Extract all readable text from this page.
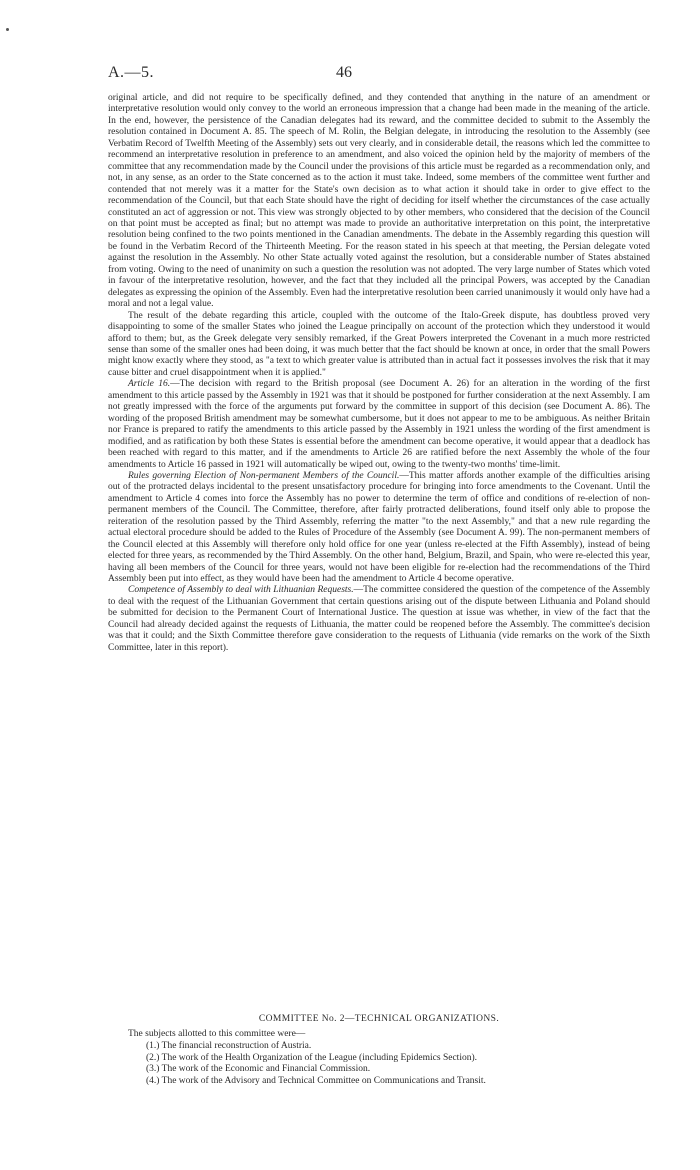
A.—5.	46

original article, and did not require to be specifically defined, and they contended that anything in the nature of an amendment or interpretative resolution would only convey to the world an erroneous impression that a change had been made in the meaning of the article. In the end, however, the persistence of the Canadian delegates had its reward, and the committee decided to submit to the Assembly the resolution contained in Document A. 85. The speech of M. Rolin, the Belgian delegate, in introducing the resolution to the Assembly (see Verbatim Record of Twelfth Meeting of the Assembly) sets out very clearly, and in considerable detail, the reasons which led the committee to recommend an interpretative resolution in preference to an amendment, and also voiced the opinion held by the majority of members of the committee that any recommendation made by the Council under the provisions of this article must be regarded as a recommendation only, and not, in any sense, as an order to the State concerned as to the action it must take. Indeed, some members of the committee went further and contended that not merely was it a matter for the State's own decision as to what action it should take in order to give effect to the recommendation of the Council, but that each State should have the right of deciding for itself whether the circumstances of the case actually constituted an act of aggression or not. This view was strongly objected to by other members, who considered that the decision of the Council on that point must be accepted as final; but no attempt was made to provide an authoritative interpretation on this point, the interpretative resolution being confined to the two points mentioned in the Canadian amendments. The debate in the Assembly regarding this question will be found in the Verbatim Record of the Thirteenth Meeting. For the reason stated in his speech at that meeting, the Persian delegate voted against the resolution in the Assembly. No other State actually voted against the resolution, but a considerable number of States abstained from voting. Owing to the need of unanimity on such a question the resolution was not adopted. The very large number of States which voted in favour of the interpretative resolution, however, and the fact that they included all the principal Powers, was accepted by the Canadian delegates as expressing the opinion of the Assembly. Even had the interpretative resolution been carried unanimously it would only have had a moral and not a legal value.

The result of the debate regarding this article, coupled with the outcome of the Italo-Greek dispute, has doubtless proved very disappointing to some of the smaller States who joined the League principally on account of the protection which they understood it would afford to them; but, as the Greek delegate very sensibly remarked, if the Great Powers interpreted the Covenant in a much more restricted sense than some of the smaller ones had been doing, it was much better that the fact should be known at once, in order that the small Powers might know exactly where they stood, as "a text to which greater value is attributed than in actual fact it possesses involves the risk that it may cause bitter and cruel disappointment when it is applied."

Article 16.—The decision with regard to the British proposal (see Document A. 26) for an alteration in the wording of the first amendment to this article passed by the Assembly in 1921 was that it should be postponed for further consideration at the next Assembly. I am not greatly impressed with the force of the arguments put forward by the committee in support of this decision (see Document A. 86). The wording of the proposed British amendment may be somewhat cumbersome, but it does not appear to me to be ambiguous. As neither Britain nor France is prepared to ratify the amendments to this article passed by the Assembly in 1921 unless the wording of the first amendment is modified, and as ratification by both these States is essential before the amendment can become operative, it would appear that a deadlock has been reached with regard to this matter, and if the amendments to Article 26 are ratified before the next Assembly the whole of the four amendments to Article 16 passed in 1921 will automatically be wiped out, owing to the twenty-two months' time-limit.

Rules governing Election of Non-permanent Members of the Council.—This matter affords another example of the difficulties arising out of the protracted delays incidental to the present unsatisfactory procedure for bringing into force amendments to the Covenant. Until the amendment to Article 4 comes into force the Assembly has no power to determine the term of office and conditions of re-election of non-permanent members of the Council. The Committee, therefore, after fairly protracted deliberations, found itself only able to propose the reiteration of the resolution passed by the Third Assembly, referring the matter "to the next Assembly," and that a new rule regarding the actual electoral procedure should be added to the Rules of Procedure of the Assembly (see Document A. 99). The non-permanent members of the Council elected at this Assembly will therefore only hold office for one year (unless re-elected at the Fifth Assembly), instead of being elected for three years, as recommended by the Third Assembly. On the other hand, Belgium, Brazil, and Spain, who were re-elected this year, having all been members of the Council for three years, would not have been eligible for re-election had the recommendations of the Third Assembly been put into effect, as they would have been had the amendment to Article 4 become operative.

Competence of Assembly to deal with Lithuanian Requests.—The committee considered the question of the competence of the Assembly to deal with the request of the Lithuanian Government that certain questions arising out of the dispute between Lithuania and Poland should be submitted for decision to the Permanent Court of International Justice. The question at issue was whether, in view of the fact that the Council had already decided against the requests of Lithuania, the matter could be reopened before the Assembly. The committee's decision was that it could; and the Sixth Committee therefore gave consideration to the requests of Lithuania (vide remarks on the work of the Sixth Committee, later in this report).

COMMITTEE No. 2—TECHNICAL ORGANIZATIONS.
The subjects allotted to this committee were—
(1.) The financial reconstruction of Austria.
(2.) The work of the Health Organization of the League (including Epidemics Section).
(3.) The work of the Economic and Financial Commission.
(4.) The work of the Advisory and Technical Committee on Communications and Transit.
